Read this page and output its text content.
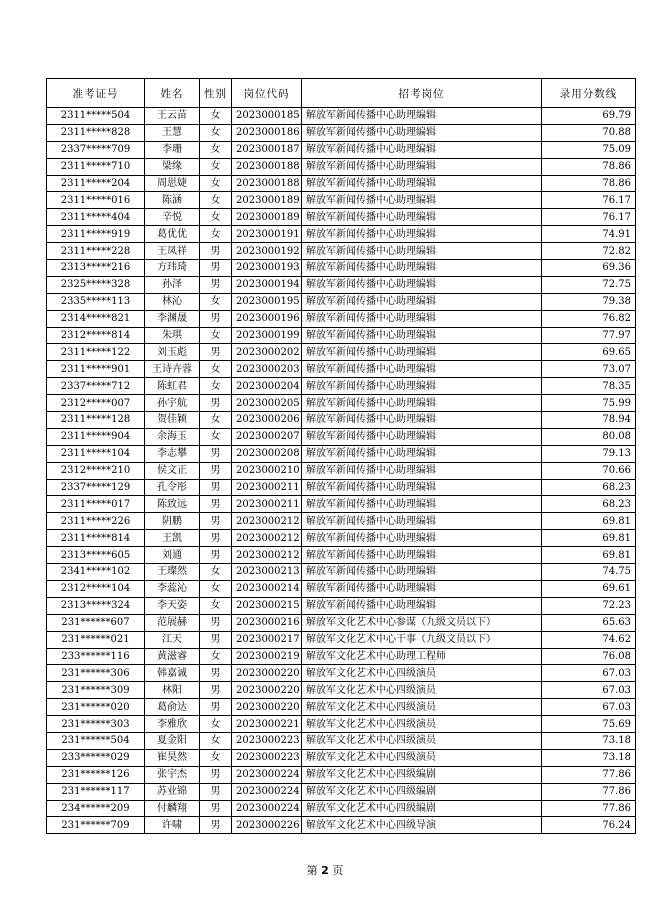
准考证号	姓名	性别	岗位代码	招考岗位	录用分数线
2311*****504	王云苗	女	2023000185	解放军新闻传播中心助理编辑	69.79
2311*****828	王慧	女	2023000186	解放军新闻传播中心助理编辑	70.88
2337*****709	李珊	女	2023000187	解放军新闻传播中心助理编辑	75.09
2311*****710	梁缘	女	2023000188	解放军新闻传播中心助理编辑	78.86
2311*****204	周思婕	女	2023000188	解放军新闻传播中心助理编辑	78.86
2311*****016	陈涵	女	2023000189	解放军新闻传播中心助理编辑	76.17
2311*****404	辛悦	女	2023000189	解放军新闻传播中心助理编辑	76.17
2311*****919	葛优优	女	2023000191	解放军新闻传播中心助理编辑	74.91
2311*****228	王凤祥	男	2023000192	解放军新闻传播中心助理编辑	72.82
2313*****216	方玮琦	男	2023000193	解放军新闻传播中心助理编辑	69.36
2325*****328	孙泽	男	2023000194	解放军新闻传播中心助理编辑	72.75
2335*****113	林沁	女	2023000195	解放军新闻传播中心助理编辑	79.38
2314*****821	李渊晟	男	2023000196	解放军新闻传播中心助理编辑	76.82
2312*****814	朱琪	女	2023000199	解放军新闻传播中心助理编辑	77.97
2311*****122	刘玉彪	男	2023000202	解放军新闻传播中心助理编辑	69.65
2311*****901	王诗卉蓉	女	2023000203	解放军新闻传播中心助理编辑	73.07
2337*****712	陈虹君	女	2023000204	解放军新闻传播中心助理编辑	78.35
2312*****007	孙宇航	男	2023000205	解放军新闻传播中心助理编辑	75.99
2311*****128	贺佳颖	女	2023000206	解放军新闻传播中心助理编辑	78.94
2311*****904	余海玉	女	2023000207	解放军新闻传播中心助理编辑	80.08
2311*****104	李志攀	男	2023000208	解放军新闻传播中心助理编辑	79.13
2312*****210	侯文正	男	2023000210	解放军新闻传播中心助理编辑	70.66
2337*****129	孔令彤	男	2023000211	解放军新闻传播中心助理编辑	68.23
2311*****017	陈致远	男	2023000211	解放军新闻传播中心助理编辑	68.23
2311*****226	阴鹏	男	2023000212	解放军新闻传播中心助理编辑	69.81
2311*****814	王凯	男	2023000212	解放军新闻传播中心助理编辑	69.81
2313*****605	刘通	男	2023000212	解放军新闻传播中心助理编辑	69.81
2341*****102	王璨然	女	2023000213	解放军新闻传播中心助理编辑	74.75
2312*****104	李蕊沁	女	2023000214	解放军新闻传播中心助理编辑	69.61
2313*****324	李天姿	女	2023000215	解放军新闻传播中心助理编辑	72.23
231******607	范展赫	男	2023000216	解放军文化艺术中心参谋（九级文员以下）	65.63
231******021	江天	男	2023000217	解放军文化艺术中心干事（九级文员以下）	74.62
233******116	黄滋睿	女	2023000219	解放军文化艺术中心助理工程师	76.08
231******306	韩嘉诚	男	2023000220	解放军文化艺术中心四级演员	67.03
231******309	林阳	男	2023000220	解放军文化艺术中心四级演员	67.03
231******020	葛俞达	男	2023000220	解放军文化艺术中心四级演员	67.03
231******303	李雅欣	女	2023000221	解放军文化艺术中心四级演员	75.69
231******504	夏金阳	女	2023000223	解放军文化艺术中心四级演员	73.18
233******029	崔昊然	女	2023000223	解放军文化艺术中心四级演员	73.18
231******126	张宇杰	男	2023000224	解放军文化艺术中心四级编剧	77.86
231******117	苏业锦	男	2023000224	解放军文化艺术中心四级编剧	77.86
234******209	付麟翔	男	2023000224	解放军文化艺术中心四级编剧	77.86
231******709	许啸	男	2023000226	解放军文化艺术中心四级导演	76.24
第 2 页
